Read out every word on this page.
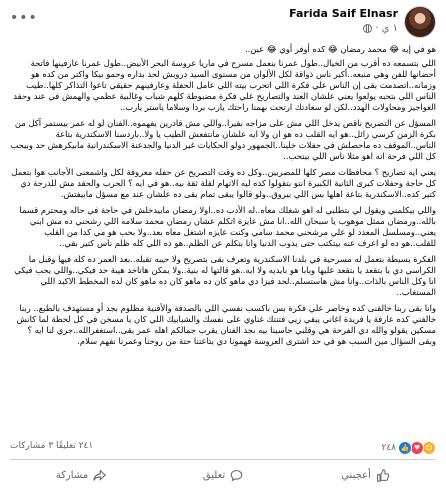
Farida Saif Elnasr
١ ي
·
•••

هو في إيه 😂 محمد رمضان 😂 كده أوفر أوي 😂 عين..

اللي بتسمعه ده أقرب من الخيال..طول عمرنا بنعمل مسرح في ماريا عروسة البحر الأبيض..طول عمرنا عارفينها فاتحة أحضانها للفن وهي منبعه..أكبر ناس ذواقة لكل الألوان من مستوى السيد درويش لحد بداره وحمو بيكا واكتر من كده هو وزمانه..اتصدمت بقى إن الناس علي فكرة اللي اتحرب بيته اللي عامل الحفلة وعارفينهم حقيقي تاعوا التذاكر كلها..طيب الناس اللي بتحبه يولعوا يعني علشان العند والتصاريح علي فكرة مضبوطة كلهم شباب وغالبية عظمي والهمش في عند وحقد العواجيز ومحاولات الهدد..لكن لو سعادتك ارتحت بهمنا راحتك يارب بردا وسلاما ياستر يارب..

المسؤل عن التصريح ناقص يدخل اللي مش على مزاجه بقيرا..واللي مش قادرين يفهموه..الفنان لو له عمر بيستمر آكل من بكرة الزمن كرسي زائل..هو ايه القلب ده هو ان ولا ايه علشان مانتفعش الطيب يا ولا..باردسنا الاسكندرية بتاعة الناس..الموقف ده ماحصلش في حفلات خلينا..الجمهور دولو الحكايات غير الدنيا والجدعنة الاسكندرانية مابيكرهش حد وبيحب كل اللي فرحة انه اهو مثلا ناس اللي بيتحب..

يعني ايه تصاريح ؟ محافظات مصر كلها للمصريين..وكل ده وقت التصريح عن حفله معروفة لكل واشمعنى الأجانب هوا بتعمل كل حاجة وحفلات كبرى الثانية الكبيرة انتو بتقولوا كده ليه الاتهام لقلة ثقة بيه..هو في ايه ؟ الحرب والحقد مش للدرجة دي كتير كده..الاسكندرية بتاعة اهلها بس اللي بيروق..ولو قالوا يبقى تمام بقى ده علشان عند مع مسؤل مابيفتش.

واللي بيكلمني ويقول لي بتطلبي له اهو شغلك معاه..له الأدب ده..اولا رمضان مابيدخلش في حاجة في حاله ومحترم قسما بالله..ورمضان ممثل موهوب يا سبحان الله..انا مش عايزة اتكلم عشان رمضان محمد سلامه اللي رشحني ده مش ابني يعني..ومسلسل المعدد لو علي مرشحني محمد سامي وكنت عايزه اشتغل معاه بعد..ولا بحب هو مي كدا من القلب للقلب..هو ده لو اعرف عنه بيتكتب حتى يدوب الدنيا وانا بتكلم عن الظلم..هو ده اللي كله ظلم ناس كتير بقي..

الفكرة بسيطة بتعمل له مسرحية في بلدنا الاسكندرية وتعرف بقى بتصريح ولا حيبه تقبله..بعد العمر ده كله فيها وقبل ما الكراسي دي يا بتقعد يا بتقعد عليها وبابا هو بايديه ولا ايه..هو قالتها له بنية..ولا يمكن هاتاخد هيبة حد فيكي..واللي يحب فيكي انا وكل الناس بالذات..وانا مش هاستسلم..لحد فيزا دي ماهو كان ده ماهو كان ده ماهو كان لده المخطط الاكيد اللي المستغاب..

وانا بقى ربنا خالقنى كده وخاصر علي فكرة بس باكسب نفسي اللي بالصدفة والأفنية مظلوم بجد أو مستهدف بالطبع.. ربنا خالقني كده عارفة يا فريدة اغاني يبقي زيي فتنتك غناوي على نفسك والشبابيك اللي كان يا مسخن في كل لحظة لما كانش مسكين يقولو والله دي الفرحة هي وقلبي حاسينا بيه بجد الفنان يقرب جمالكم اهله عمر بقى..استغفرالله..جري لنا ايه ؟ وبقى السؤال مين السبب هو في حد اشترى العروسة فهمونا دي بتاعتنا حتة من روحنا وعمرنا نفهم سلام.

☺
♥
👍
٢٤٨
٢٤١ تعليقًا ٣ مشاركات
أعجبني
تعليق
مشاركة
